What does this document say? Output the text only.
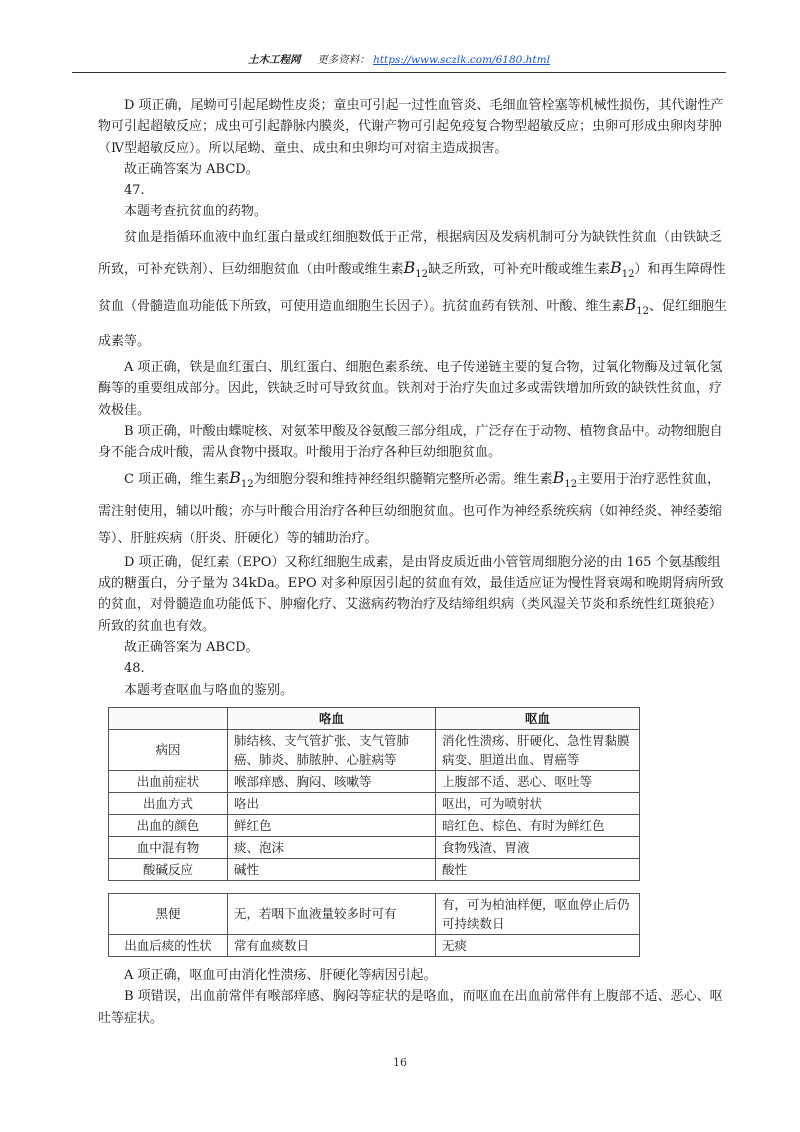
土木工程网 更多资料： https://www.sczlk.com/6180.html

D 项正确，尾蚴可引起尾蚴性皮炎；童虫可引起一过性血管炎、毛细血管栓塞等机械性损伤，其代谢性产物可引起超敏反应；成虫可引起静脉内膜炎，代谢产物可引起免疫复合物型超敏反应；虫卵可形成虫卵肉芽肿（Ⅳ型超敏反应）。所以尾蚴、童虫、成虫和虫卵均可对宿主造成损害。

故正确答案为 ABCD。

47.

本题考查抗贫血的药物。

贫血是指循环血液中血红蛋白量或红细胞数低于正常，根据病因及发病机制可分为缺铁性贫血（由铁缺乏所致，可补充铁剂）、巨幼细胞贫血（由叶酸或维生素$B_{12}$缺乏所致，可补充叶酸或维生素$B_{12}$）和再生障碍性贫血（骨髓造血功能低下所致，可使用造血细胞生长因子）。抗贫血药有铁剂、叶酸、维生素$B_{12}$、促红细胞生成素等。

A 项正确，铁是血红蛋白、肌红蛋白、细胞色素系统、电子传递链主要的复合物，过氧化物酶及过氧化氢酶等的重要组成部分。因此，铁缺乏时可导致贫血。铁剂对于治疗失血过多或需铁增加所致的缺铁性贫血，疗效极佳。

B 项正确，叶酸由蝶啶核、对氨苯甲酸及谷氨酸三部分组成，广泛存在于动物、植物食品中。动物细胞自身不能合成叶酸，需从食物中摄取。叶酸用于治疗各种巨幼细胞贫血。

C 项正确，维生素$B_{12}$为细胞分裂和维持神经组织髓鞘完整所必需。维生素$B_{12}$主要用于治疗恶性贫血，需注射使用，辅以叶酸；亦与叶酸合用治疗各种巨幼细胞贫血。也可作为神经系统疾病（如神经炎、神经萎缩等）、肝脏疾病（肝炎、肝硬化）等的辅助治疗。

D 项正确，促红素（EPO）又称红细胞生成素，是由肾皮质近曲小管管周细胞分泌的由 165 个氨基酸组成的糖蛋白，分子量为 34kDa。EPO 对多种原因引起的贫血有效，最佳适应证为慢性肾衰竭和晚期肾病所致的贫血，对骨髓造血功能低下、肿瘤化疗、艾滋病药物治疗及结缔组织病（类风湿关节炎和系统性红斑狼疮）所致的贫血也有效。

故正确答案为 ABCD。

48.

本题考查呕血与咯血的鉴别。

	咯血	呕血
病因	肺结核、支气管扩张、支气管肺癌、肺炎、肺脓肿、心脏病等	消化性溃疡、肝硬化、急性胃黏膜病变、胆道出血、胃癌等
出血前症状	喉部痒感、胸闷、咳嗽等	上腹部不适、恶心、呕吐等
出血方式	咯出	呕出，可为喷射状
出血的颜色	鲜红色	暗红色、棕色、有时为鲜红色
血中混有物	痰、泡沫	食物残渣、胃液
酸碱反应	碱性	酸性
黑便	无，若咽下血液量较多时可有	有，可为柏油样便，呕血停止后仍可持续数日
出血后痰的性状	常有血痰数日	无痰

A 项正确，呕血可由消化性溃疡、肝硬化等病因引起。

B 项错误，出血前常伴有喉部痒感、胸闷等症状的是咯血，而呕血在出血前常伴有上腹部不适、恶心、呕吐等症状。

16
